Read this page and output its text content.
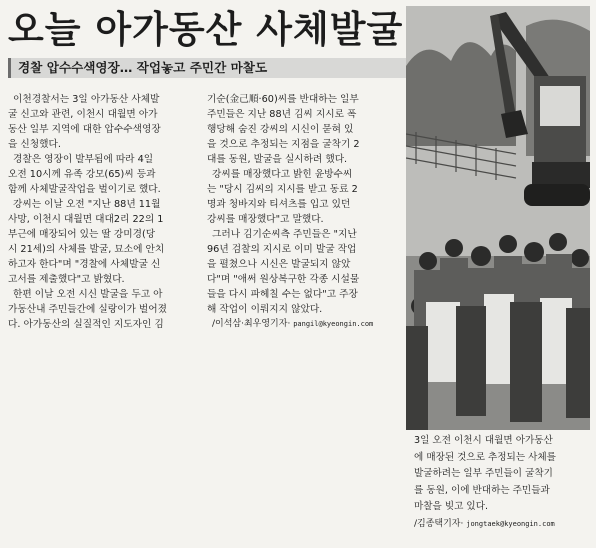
오늘 아가동산 사체발굴
경찰 압수수색영장… 작업놓고 주민간 마찰도
이천경찰서는 3일 아가동산 사체발
굴 신고와 관련, 이천시 대월면 아가
동산 일부 지역에 대한 압수수색영장
을 신청했다.
경찰은 영장이 발부됨에 따라 4일
오전 10시께 유족 강모(65)씨 등과
함께 사체발굴작업을 벌이기로 했다.
강씨는 이날 오전 "지난 88년 11월
사망, 이천시 대월면 대대2리 22의 1
부근에 매장되어 있는 딸 강미경(당
시 21세)의 사체를 발굴, 묘소에 안치
하고자 한다"며 "경찰에 사체발굴 신
고서를 제출했다"고 밝혔다.
한편 이날 오전 시신 발굴을 두고 아
가동산내 주민들간에 실랑이가 벌어졌
다. 아가동산의 실질적인 지도자인 김
기순(金己順·60)씨를 반대하는 일부
주민들은 지난 88년 김씨 지시로 폭
행당해 숨진 강씨의 시신이 묻혀 있
을 것으로 추정되는 지점을 굴착기 2
대를 동원, 발굴을 실시하려 했다.
강씨를 매장했다고 밝힌 윤방수씨
는 "당시 김씨의 지시를 받고 동료 2
명과 청바지와 티셔츠를 입고 있던
강씨를 매장했다"고 말했다.
그러나 김기순씨측 주민들은 "지난
96년 검찰의 지시로 이미 발굴 작업
을 펼쳤으나 시신은 발굴되지 않았
다"며 "애써 원상복구한 각종 시설물
들을 다시 파헤칠 수는 없다"고 주장
해 작업이 이뤄지지 않았다.
/이석삼·최우영기자· pangil@kyeongin.com
3일 오전 이천시 대월면 아가동산
에 매장된 것으로 추정되는 사체를
발굴하려는 일부 주민들이 굴착기
를 동원, 이에 반대하는 주민들과
마찰을 빚고 있다.
/김종택기자· jongtaek@kyeongin.com
